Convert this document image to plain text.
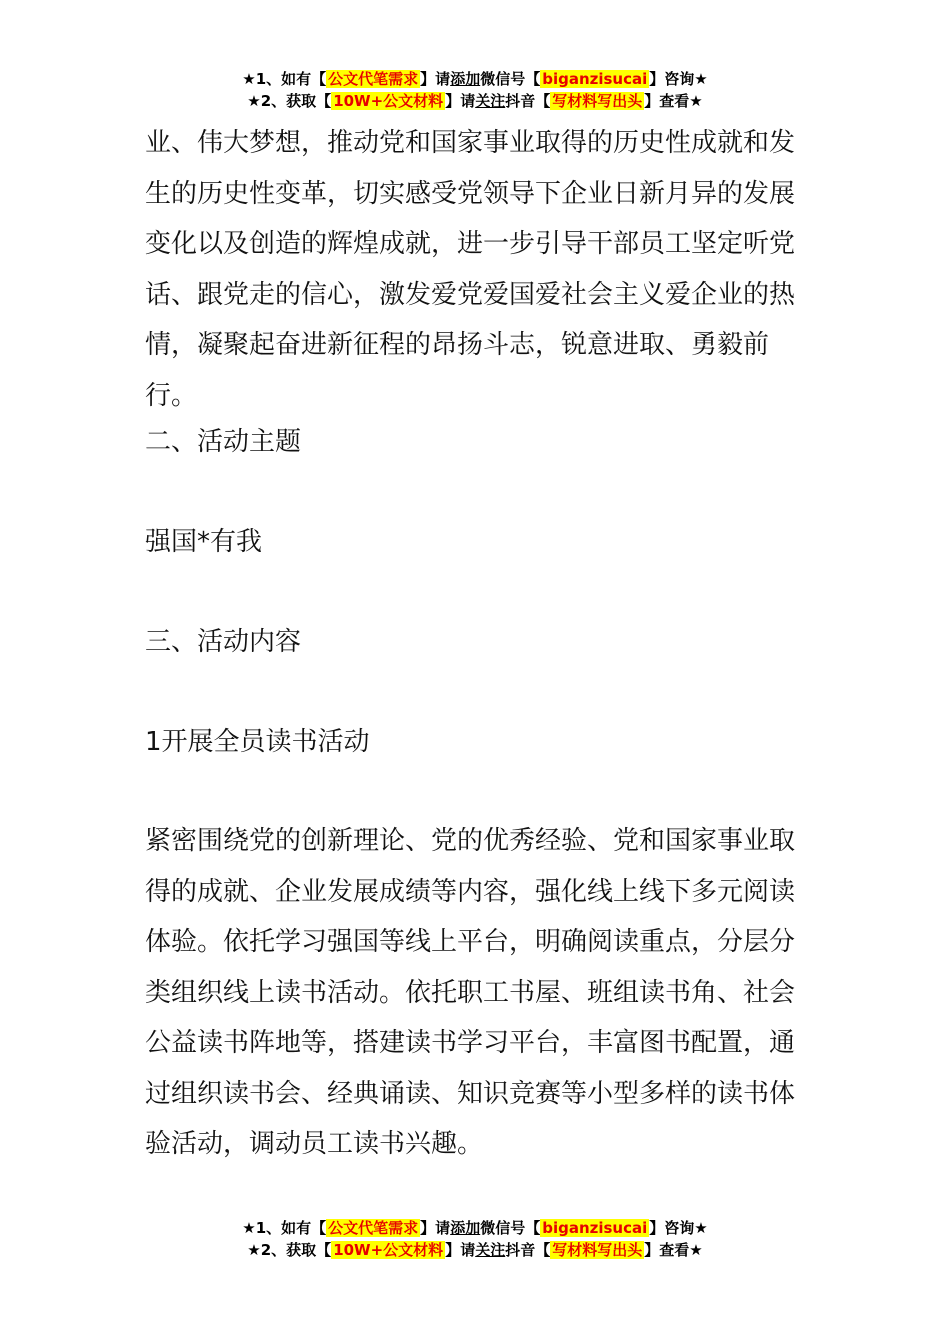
★1、如有【 公文代笔需求 】请添加微信号【 biganzisucai 】咨询★
★2、获取【 10W+公文材料 】请关注抖音【 写材料写出头 】查看★

业、伟大梦想，推动党和国家事业取得的历史性成就和发

生的历史性变革，切实感受党领导下企业日新月异的发展

变化以及创造的辉煌成就，进一步引导干部员工坚定听党

话、跟党走的信心，激发爱党爱国爱社会主义爱企业的热

情，凝聚起奋进新征程的昂扬斗志，锐意进取、勇毅前行。

二、活动主题

强国*有我

三、活动内容

1开展全员读书活动

紧密围绕党的创新理论、党的优秀经验、党和国家事业取

得的成就、企业发展成绩等内容，强化线上线下多元阅读

体验。依托学习强国等线上平台，明确阅读重点，分层分

类组织线上读书活动。依托职工书屋、班组读书角、社会

公益读书阵地等，搭建读书学习平台，丰富图书配置，通

过组织读书会、经典诵读、知识竞赛等小型多样的读书体

验活动，调动员工读书兴趣。

★1、如有【 公文代笔需求 】请添加微信号【 biganzisucai 】咨询★
★2、获取【 10W+公文材料 】请关注抖音【 写材料写出头 】查看★
